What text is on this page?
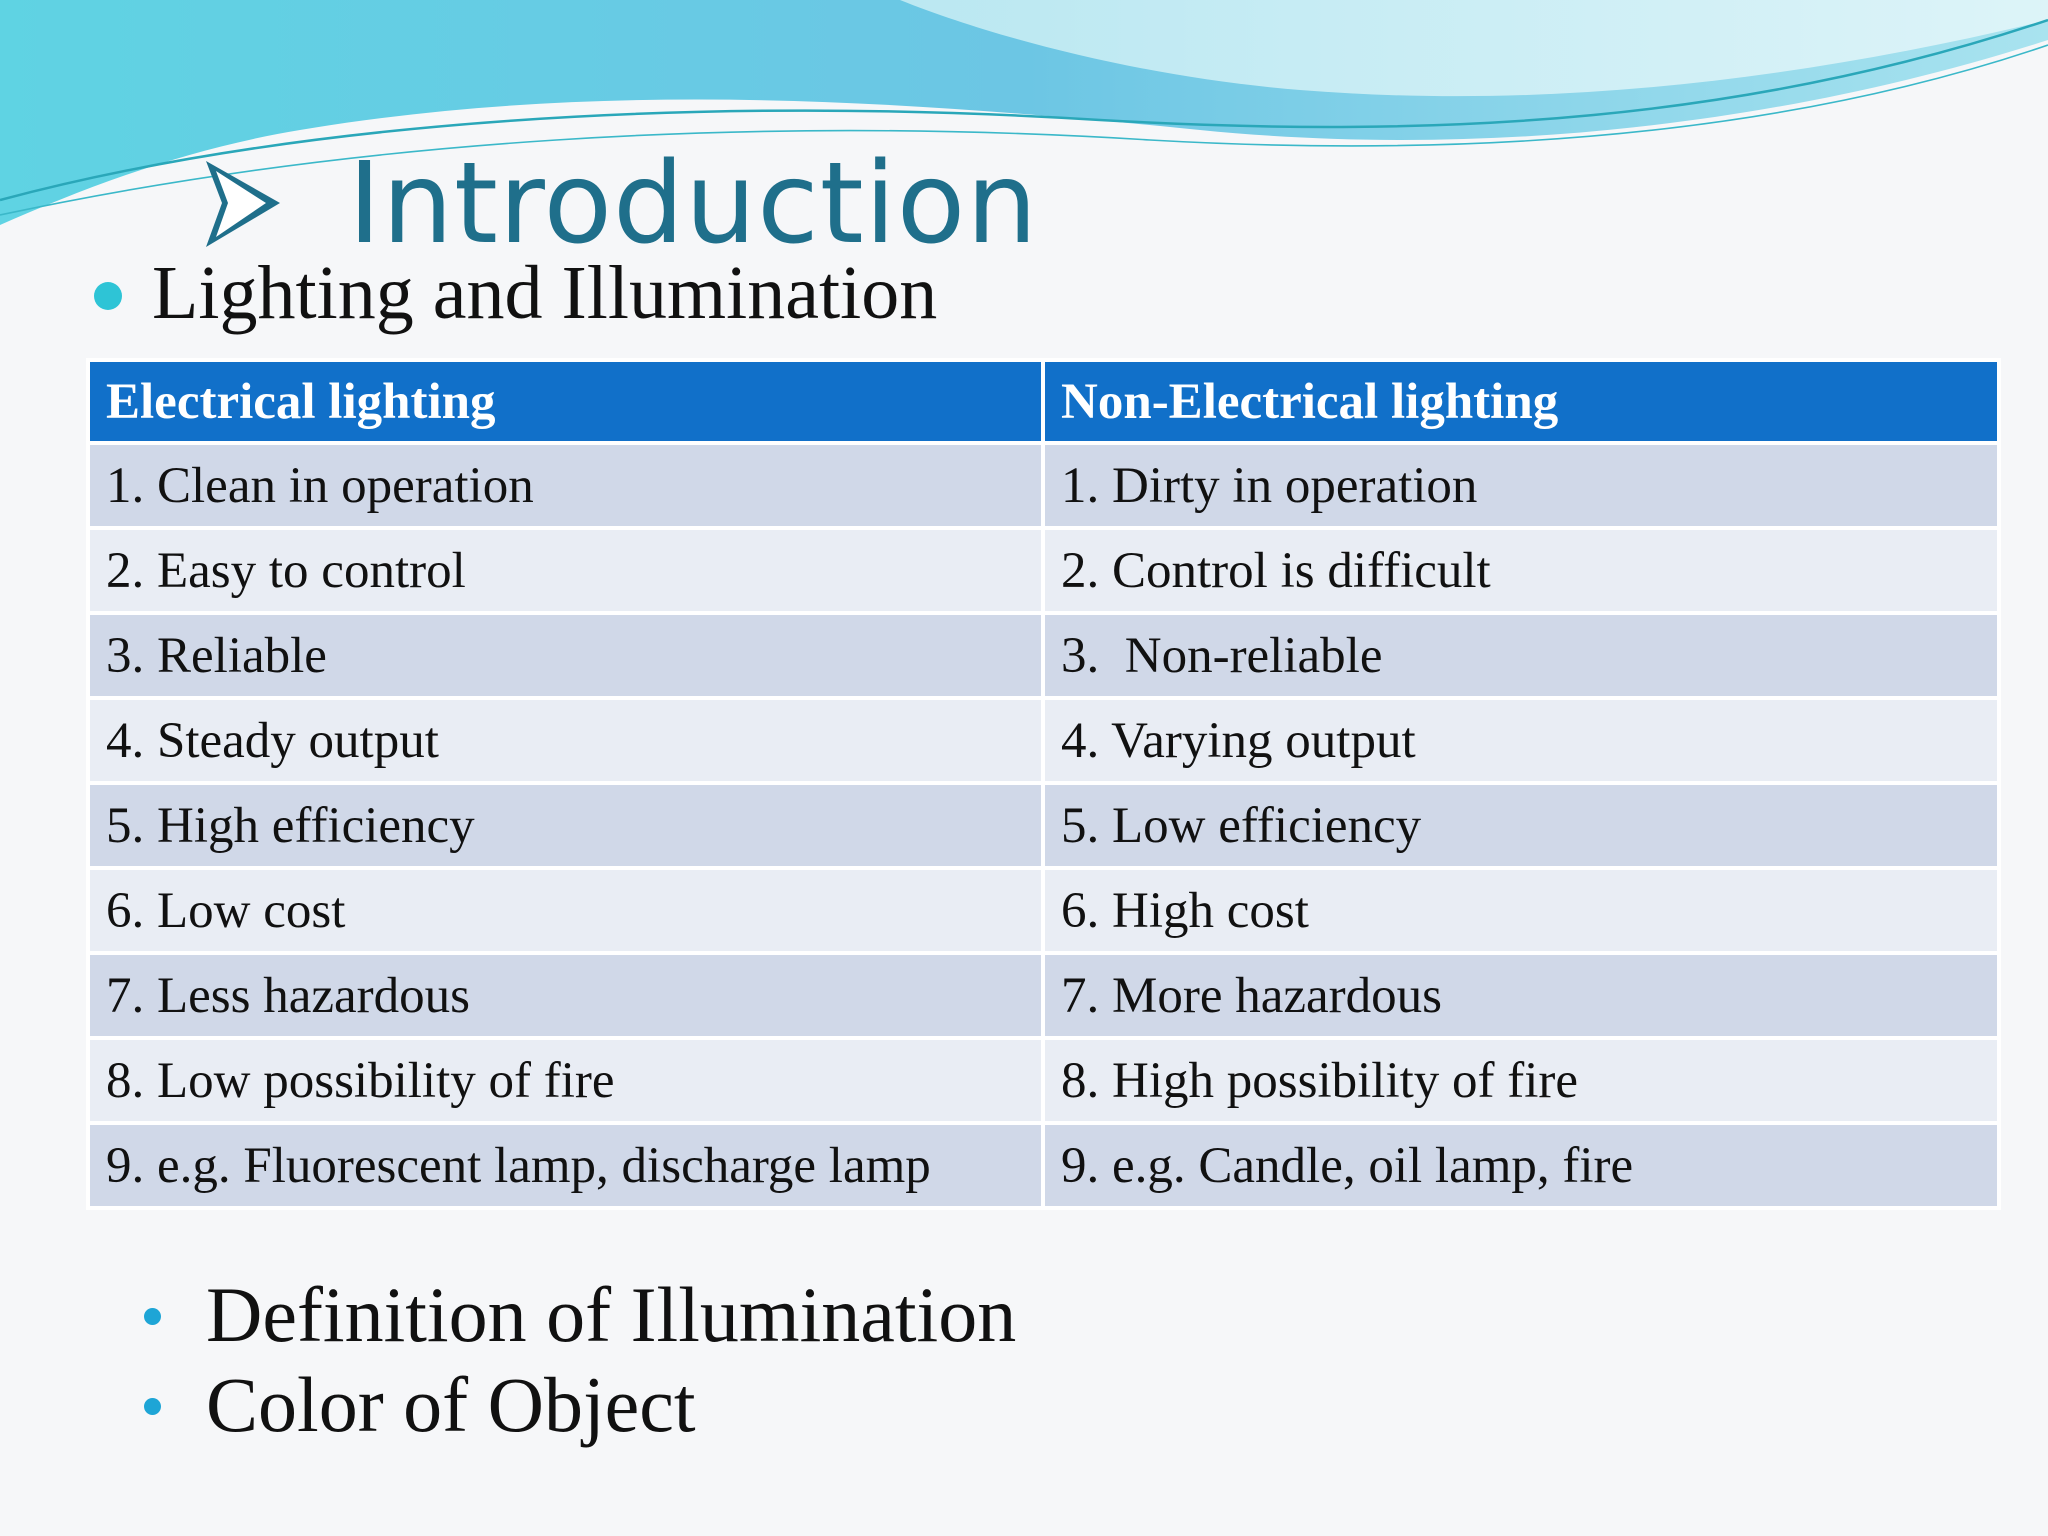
Introduction
Lighting and Illumination
Electrical lighting	Non-Electrical lighting
1. Clean in operation	1. Dirty in operation
2. Easy to control	2. Control is difficult
3. Reliable	3.  Non-reliable
4. Steady output	4. Varying output
5. High efficiency	5. Low efficiency
6. Low cost	6. High cost
7. Less hazardous	7. More hazardous
8. Low possibility of fire	8. High possibility of fire
9. e.g. Fluorescent lamp, discharge lamp	9. e.g. Candle, oil lamp, fire
Definition of Illumination
Color of Object
